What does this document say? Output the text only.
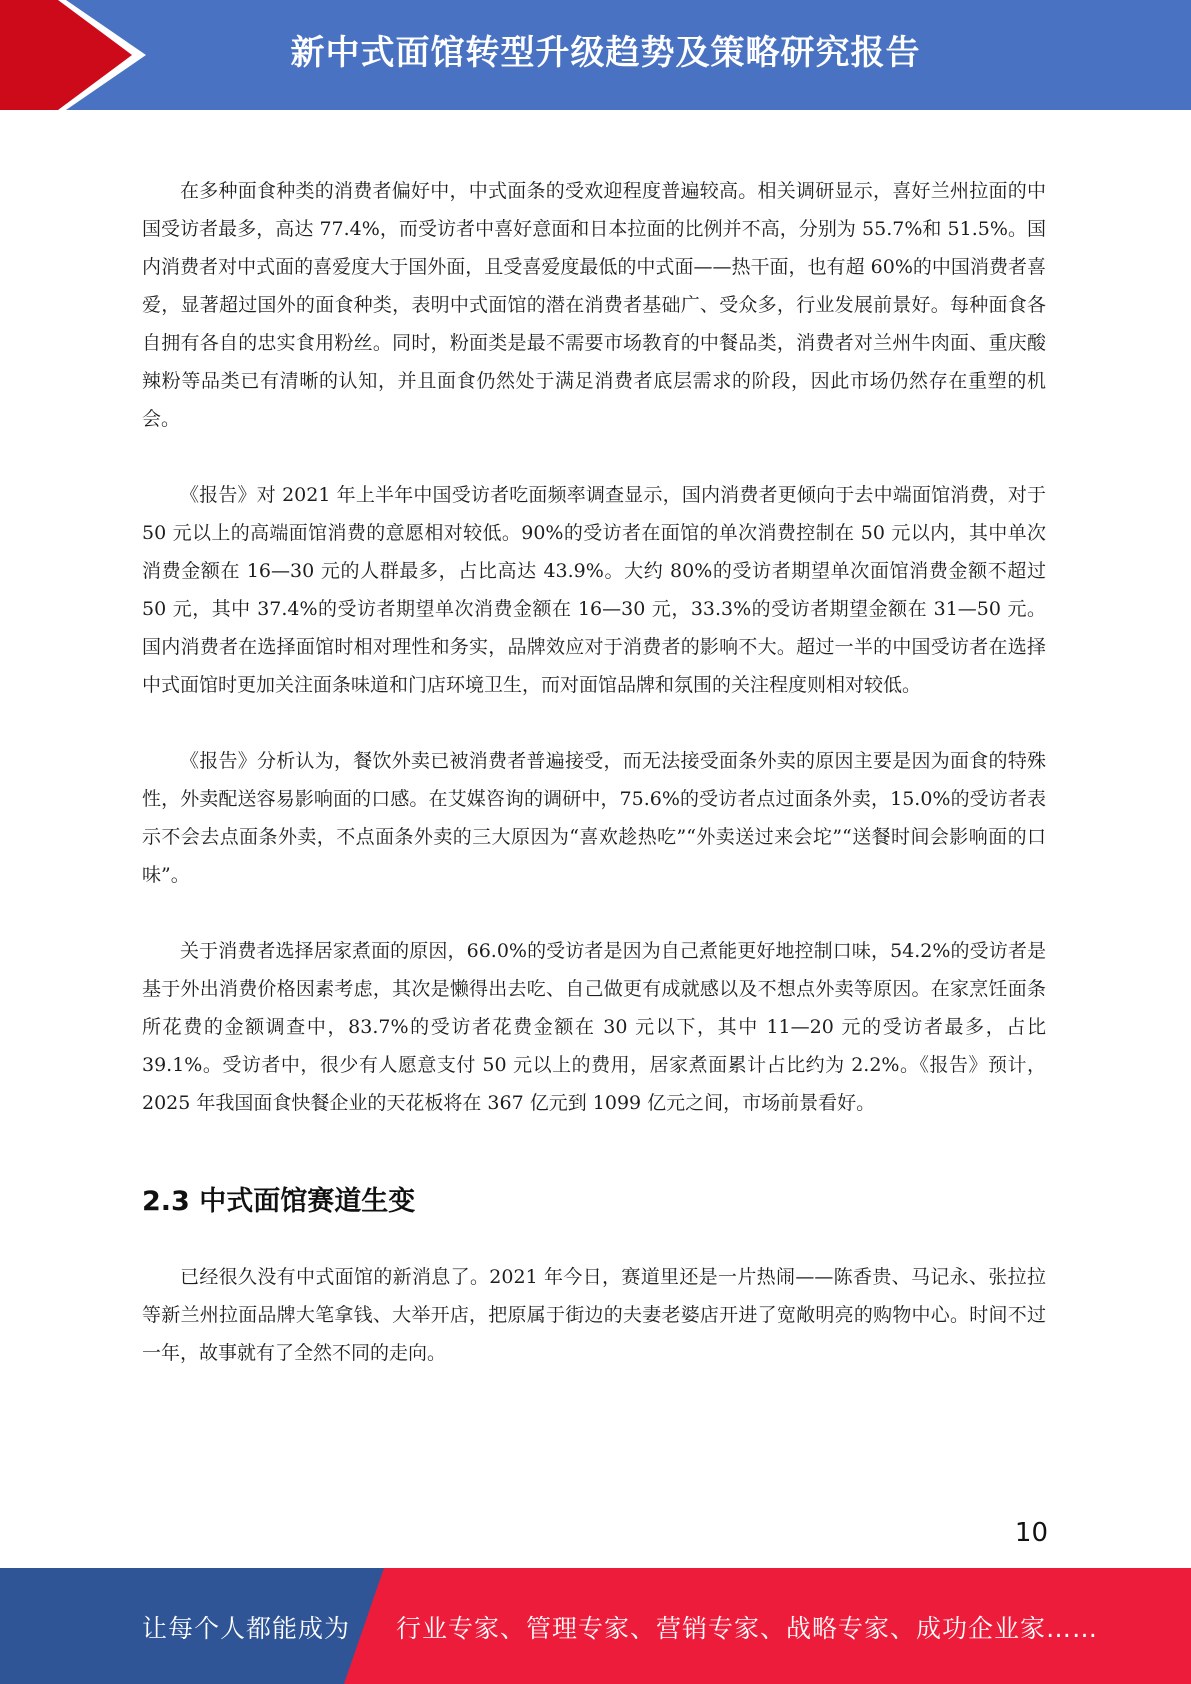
新中式面馆转型升级趋势及策略研究报告

在多种面食种类的消费者偏好中，中式面条的受欢迎程度普遍较高。相关调研显示，喜好兰州拉面的中国受访者最多，高达 77.4%，而受访者中喜好意面和日本拉面的比例并不高，分别为 55.7%和 51.5%。国内消费者对中式面的喜爱度大于国外面，且受喜爱度最低的中式面——热干面，也有超 60%的中国消费者喜爱，显著超过国外的面食种类，表明中式面馆的潜在消费者基础广、受众多，行业发展前景好。每种面食各自拥有各自的忠实食用粉丝。同时，粉面类是最不需要市场教育的中餐品类，消费者对兰州牛肉面、重庆酸辣粉等品类已有清晰的认知，并且面食仍然处于满足消费者底层需求的阶段，因此市场仍然存在重塑的机会。

《报告》对 2021 年上半年中国受访者吃面频率调查显示，国内消费者更倾向于去中端面馆消费，对于 50 元以上的高端面馆消费的意愿相对较低。90%的受访者在面馆的单次消费控制在 50 元以内，其中单次消费金额在 16—30 元的人群最多，占比高达 43.9%。大约 80%的受访者期望单次面馆消费金额不超过 50 元，其中 37.4%的受访者期望单次消费金额在 16—30 元，33.3%的受访者期望金额在 31—50 元。国内消费者在选择面馆时相对理性和务实，品牌效应对于消费者的影响不大。超过一半的中国受访者在选择中式面馆时更加关注面条味道和门店环境卫生，而对面馆品牌和氛围的关注程度则相对较低。

《报告》分析认为，餐饮外卖已被消费者普遍接受，而无法接受面条外卖的原因主要是因为面食的特殊性，外卖配送容易影响面的口感。在艾媒咨询的调研中，75.6%的受访者点过面条外卖，15.0%的受访者表示不会去点面条外卖，不点面条外卖的三大原因为“喜欢趁热吃”“外卖送过来会坨”“送餐时间会影响面的口味”。

关于消费者选择居家煮面的原因，66.0%的受访者是因为自己煮能更好地控制口味，54.2%的受访者是基于外出消费价格因素考虑，其次是懒得出去吃、自己做更有成就感以及不想点外卖等原因。在家烹饪面条所花费的金额调查中，83.7%的受访者花费金额在 30 元以下，其中 11—20 元的受访者最多，占比 39.1%。受访者中，很少有人愿意支付 50 元以上的费用，居家煮面累计占比约为 2.2%。《报告》预计，2025 年我国面食快餐企业的天花板将在 367 亿元到 1099 亿元之间，市场前景看好。

2.3 中式面馆赛道生变

已经很久没有中式面馆的新消息了。2021 年今日，赛道里还是一片热闹——陈香贵、马记永、张拉拉等新兰州拉面品牌大笔拿钱、大举开店，把原属于街边的夫妻老婆店开进了宽敞明亮的购物中心。时间不过一年，故事就有了全然不同的走向。

10
让每个人都能成为 行业专家、管理专家、营销专家、战略专家、成功企业家……
